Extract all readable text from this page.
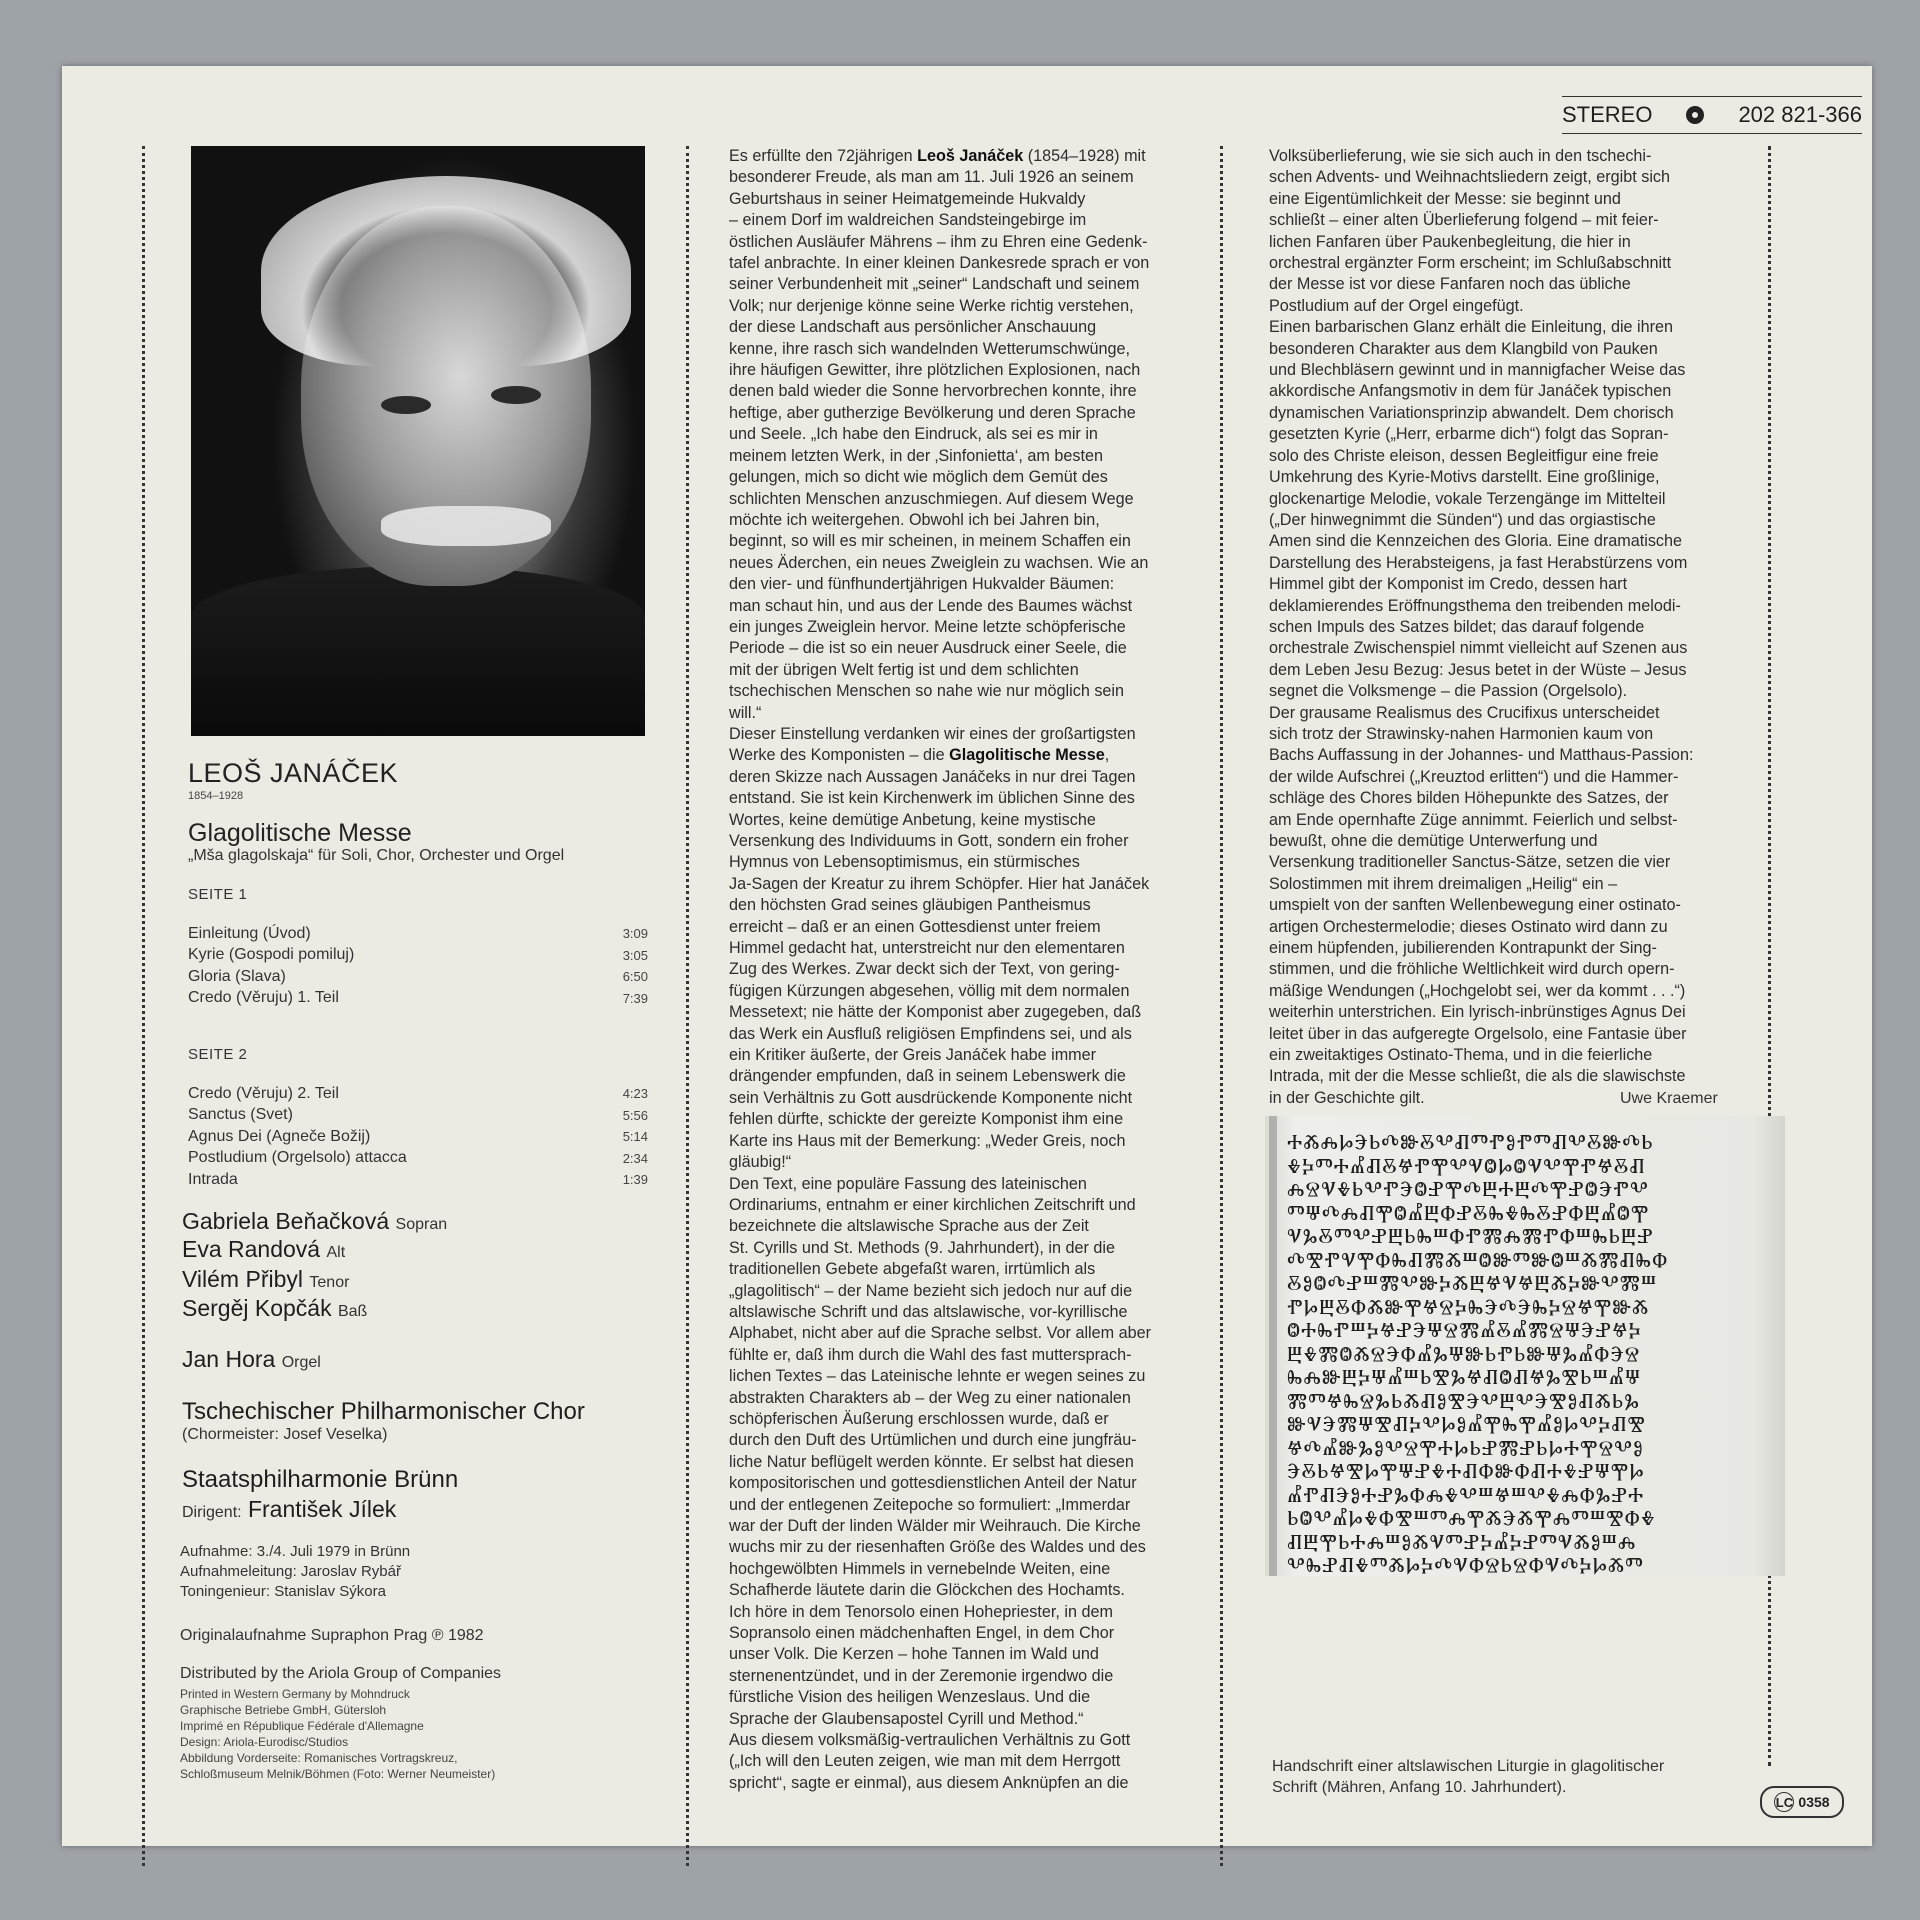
STEREO	202 821-366
LEOŠ JANÁČEK
1854–1928
Glagolitische Messe
„Mša glagolskaja“ für Soli, Chor, Orchester und Orgel
SEITE 1
Einleitung (Úvod)	3:09
Kyrie (Gospodi pomiluj)	3:05
Gloria (Slava)	6:50
Credo (Věruju) 1. Teil	7:39
SEITE 2
Credo (Věruju) 2. Teil	4:23
Sanctus (Svet)	5:56
Agnus Dei (Agneče Božij)	5:14
Postludium (Orgelsolo) attacca	2:34
Intrada	1:39
Gabriela Beňačková Sopran
Eva Randová Alt
Vilém Přibyl Tenor
Sergěj Kopčák Baß
Jan Hora Orgel
Tschechischer Philharmonischer Chor
(Chormeister: Josef Veselka)
Staatsphilharmonie Brünn
Dirigent: František Jílek
Aufnahme: 3./4. Juli 1979 in Brünn
Aufnahmeleitung: Jaroslav Rybář
Toningenieur: Stanislav Sýkora
Originalaufnahme Supraphon Prag ℗ 1982
Distributed by the Ariola Group of Companies
Printed in Western Germany by Mohndruck
Graphische Betriebe GmbH, Gütersloh
Imprimé en République Fédérale d'Allemagne
Design: Ariola-Eurodisc/Studios
Abbildung Vorderseite: Romanisches Vortragskreuz,
Schloßmuseum Melnik/Böhmen (Foto: Werner Neumeister)
Es erfüllte den 72jährigen Leoš Janáček (1854–1928) mit
besonderer Freude, als man am 11. Juli 1926 an seinem
Geburtshaus in seiner Heimatgemeinde Hukvaldy
– einem Dorf im waldreichen Sandsteingebirge im
östlichen Ausläufer Mährens – ihm zu Ehren eine Gedenk-
tafel anbrachte. In einer kleinen Dankesrede sprach er von
seiner Verbundenheit mit „seiner“ Landschaft und seinem
Volk; nur derjenige könne seine Werke richtig verstehen,
der diese Landschaft aus persönlicher Anschauung
kenne, ihre rasch sich wandelnden Wetterumschwünge,
ihre häufigen Gewitter, ihre plötzlichen Explosionen, nach
denen bald wieder die Sonne hervorbrechen konnte, ihre
heftige, aber gutherzige Bevölkerung und deren Sprache
und Seele. „Ich habe den Eindruck, als sei es mir in
meinem letzten Werk, in der ‚Sinfonietta‘, am besten
gelungen, mich so dicht wie möglich dem Gemüt des
schlichten Menschen anzuschmiegen. Auf diesem Wege
möchte ich weitergehen. Obwohl ich bei Jahren bin,
beginnt, so will es mir scheinen, in meinem Schaffen ein
neues Äderchen, ein neues Zweiglein zu wachsen. Wie an
den vier- und fünfhundertjährigen Hukvalder Bäumen:
man schaut hin, und aus der Lende des Baumes wächst
ein junges Zweiglein hervor. Meine letzte schöpferische
Periode – die ist so ein neuer Ausdruck einer Seele, die
mit der übrigen Welt fertig ist und dem schlichten
tschechischen Menschen so nahe wie nur möglich sein
will.“
Dieser Einstellung verdanken wir eines der großartigsten
Werke des Komponisten – die Glagolitische Messe,
deren Skizze nach Aussagen Janáčeks in nur drei Tagen
entstand. Sie ist kein Kirchenwerk im üblichen Sinne des
Wortes, keine demütige Anbetung, keine mystische
Versenkung des Individuums in Gott, sondern ein froher
Hymnus von Lebensoptimismus, ein stürmisches
Ja-Sagen der Kreatur zu ihrem Schöpfer. Hier hat Janáček
den höchsten Grad seines gläubigen Pantheismus
erreicht – daß er an einen Gottesdienst unter freiem
Himmel gedacht hat, unterstreicht nur den elementaren
Zug des Werkes. Zwar deckt sich der Text, von gering-
fügigen Kürzungen abgesehen, völlig mit dem normalen
Messetext; nie hätte der Komponist aber zugegeben, daß
das Werk ein Ausfluß religiösen Empfindens sei, und als
ein Kritiker äußerte, der Greis Janáček habe immer
drängender empfunden, daß in seinem Lebenswerk die
sein Verhältnis zu Gott ausdrückende Komponente nicht
fehlen dürfte, schickte der gereizte Komponist ihm eine
Karte ins Haus mit der Bemerkung: „Weder Greis, noch
gläubig!“
Den Text, eine populäre Fassung des lateinischen
Ordinariums, entnahm er einer kirchlichen Zeitschrift und
bezeichnete die altslawische Sprache aus der Zeit
St. Cyrills und St. Methods (9. Jahrhundert), in der die
traditionellen Gebete abgefaßt waren, irrtümlich als
„glagolitisch“ – der Name bezieht sich jedoch nur auf die
altslawische Schrift und das altslawische, vor-kyrillische
Alphabet, nicht aber auf die Sprache selbst. Vor allem aber
fühlte er, daß ihm durch die Wahl des fast muttersprach-
lichen Textes – das Lateinische lehnte er wegen seines zu
abstrakten Charakters ab – der Weg zu einer nationalen
schöpferischen Äußerung erschlossen wurde, daß er
durch den Duft des Urtümlichen und durch eine jungfräu-
liche Natur beflügelt werden könnte. Er selbst hat diesen
kompositorischen und gottesdienstlichen Anteil der Natur
und der entlegenen Zeitepoche so formuliert: „Immerdar
war der Duft der linden Wälder mir Weihrauch. Die Kirche
wuchs mir zu der riesenhaften Größe des Waldes und des
hochgewölbten Himmels in vernebelnde Weiten, eine
Schafherde läutete darin die Glöckchen des Hochamts.
Ich höre in dem Tenorsolo einen Hohepriester, in dem
Sopransolo einen mädchenhaften Engel, in dem Chor
unser Volk. Die Kerzen – hohe Tannen im Wald und
sternenentzündet, und in der Zeremonie irgendwo die
fürstliche Vision des heiligen Wenzeslaus. Und die
Sprache der Glaubensapostel Cyrill und Method.“
Aus diesem volksmäßig-vertraulichen Verhältnis zu Gott
(„Ich will den Leuten zeigen, wie man mit dem Herrgott
spricht“, sagte er einmal), aus diesem Anknüpfen an die
Volksüberlieferung, wie sie sich auch in den tschechi-
schen Advents- und Weihnachtsliedern zeigt, ergibt sich
eine Eigentümlichkeit der Messe: sie beginnt und
schließt – einer alten Überlieferung folgend – mit feier-
lichen Fanfaren über Paukenbegleitung, die hier in
orchestral ergänzter Form erscheint; im Schlußabschnitt
der Messe ist vor diese Fanfaren noch das übliche
Postludium auf der Orgel eingefügt.
Einen barbarischen Glanz erhält die Einleitung, die ihren
besonderen Charakter aus dem Klangbild von Pauken
und Blechbläsern gewinnt und in mannigfacher Weise das
akkordische Anfangsmotiv in dem für Janáček typischen
dynamischen Variationsprinzip abwandelt. Dem chorisch
gesetzten Kyrie („Herr, erbarme dich“) folgt das Sopran-
solo des Christe eleison, dessen Begleitfigur eine freie
Umkehrung des Kyrie-Motivs darstellt. Eine großlinige,
glockenartige Melodie, vokale Terzengänge im Mittelteil
(„Der hinwegnimmt die Sünden“) und das orgiastische
Amen sind die Kennzeichen des Gloria. Eine dramatische
Darstellung des Herabsteigens, ja fast Herabstürzens vom
Himmel gibt der Komponist im Credo, dessen hart
deklamierendes Eröffnungsthema den treibenden melodi-
schen Impuls des Satzes bildet; das darauf folgende
orchestrale Zwischenspiel nimmt vielleicht auf Szenen aus
dem Leben Jesu Bezug: Jesus betet in der Wüste – Jesus
segnet die Volksmenge – die Passion (Orgelsolo).
Der grausame Realismus des Crucifixus unterscheidet
sich trotz der Strawinsky-nahen Harmonien kaum von
Bachs Auffassung in der Johannes- und Matthaus-Passion:
der wilde Aufschrei („Kreuztod erlitten“) und die Hammer-
schläge des Chores bilden Höhepunkte des Satzes, der
am Ende opernhafte Züge annimmt. Feierlich und selbst-
bewußt, ohne die demütige Unterwerfung und
Versenkung traditioneller Sanctus-Sätze, setzen die vier
Solostimmen mit ihrem dreimaligen „Heilig“ ein –
umspielt von der sanften Wellenbewegung einer ostinato-
artigen Orchestermelodie; dieses Ostinato wird dann zu
einem hüpfenden, jubilierenden Kontrapunkt der Sing-
stimmen, und die fröhliche Weltlichkeit wird durch opern-
mäßige Wendungen („Hochgelobt sei, wer da kommt . . .“)
weiterhin unterstrichen. Ein lyrisch-inbrünstiges Agnus Dei
leitet über in das aufgeregte Orgelsolo, eine Fantasie über
ein zweitaktiges Ostinato-Thema, und in die feierliche
Intrada, mit der die Messe schließt, die als die slawischste
in der Geschichte gilt.	Uwe Kraemer
ⰀⰆⰎⰘⰅⰓⰄⰖⰋⰂⰚⰕⰒⰑⰒⰕⰚⰂⰋⰖⰄⰓ
ⰇⰍⰕⰀⰌⰚⰋⰝⰒⰉⰂⰜⰙⰘⰙⰜⰂⰉⰒⰝⰋⰚ
ⰎⰔⰜⰇⰓⰂⰒⰅⰙⰐⰉⰄⰁⰀⰁⰄⰉⰐⰙⰅⰒⰂ
ⰕⰛⰄⰎⰚⰉⰙⰌⰁⰗⰐⰋⰈⰇⰈⰋⰐⰗⰁⰌⰙⰉ
ⰜⰃⰋⰕⰂⰐⰁⰓⰈⰞⰗⰒⰏⰎⰏⰒⰗⰞⰈⰓⰁⰐ
ⰄⰊⰒⰜⰉⰗⰈⰚⰏⰆⰞⰙⰖⰕⰖⰙⰞⰆⰏⰚⰈⰗ
ⰋⰑⰙⰄⰐⰞⰏⰂⰖⰍⰆⰁⰝⰜⰝⰁⰆⰍⰖⰂⰏⰞ
ⰒⰘⰁⰋⰗⰆⰖⰉⰝⰔⰍⰈⰅⰄⰅⰈⰍⰔⰝⰉⰖⰆ
ⰙⰀⰈⰒⰞⰍⰝⰐⰅⰛⰔⰏⰌⰋⰌⰏⰔⰛⰅⰐⰝⰍ
ⰁⰇⰏⰙⰆⰔⰅⰗⰌⰃⰛⰖⰓⰒⰓⰖⰛⰃⰌⰗⰅⰔ
ⰈⰎⰖⰁⰍⰛⰌⰞⰓⰊⰃⰝⰚⰙⰚⰝⰃⰊⰓⰞⰌⰛ
ⰏⰕⰝⰈⰔⰃⰓⰆⰚⰑⰊⰅⰂⰁⰂⰅⰊⰑⰚⰆⰓⰃ
ⰖⰜⰅⰏⰛⰊⰚⰍⰂⰘⰑⰌⰉⰈⰉⰌⰑⰘⰂⰍⰚⰊ
ⰝⰄⰌⰖⰃⰑⰂⰔⰉⰀⰘⰓⰐⰏⰐⰓⰘⰀⰉⰔⰂⰑ
ⰅⰋⰓⰝⰊⰘⰉⰛⰐⰇⰀⰚⰗⰖⰗⰚⰀⰇⰐⰛⰉⰘ
ⰌⰒⰚⰅⰑⰀⰐⰃⰗⰎⰇⰂⰞⰝⰞⰂⰇⰎⰗⰃⰐⰀ
ⰓⰙⰂⰌⰘⰇⰗⰊⰞⰕⰎⰉⰆⰅⰆⰉⰎⰕⰞⰊⰗⰇ
ⰚⰁⰉⰓⰀⰎⰞⰑⰆⰜⰕⰐⰍⰌⰍⰐⰕⰜⰆⰑⰞⰎ
ⰂⰈⰐⰚⰇⰕⰆⰘⰍⰄⰜⰗⰔⰓⰔⰗⰜⰄⰍⰘⰆⰕ
Handschrift einer altslawischen Liturgie in glagolitischer
Schrift (Mähren, Anfang 10. Jahrhundert).
LC 0358
